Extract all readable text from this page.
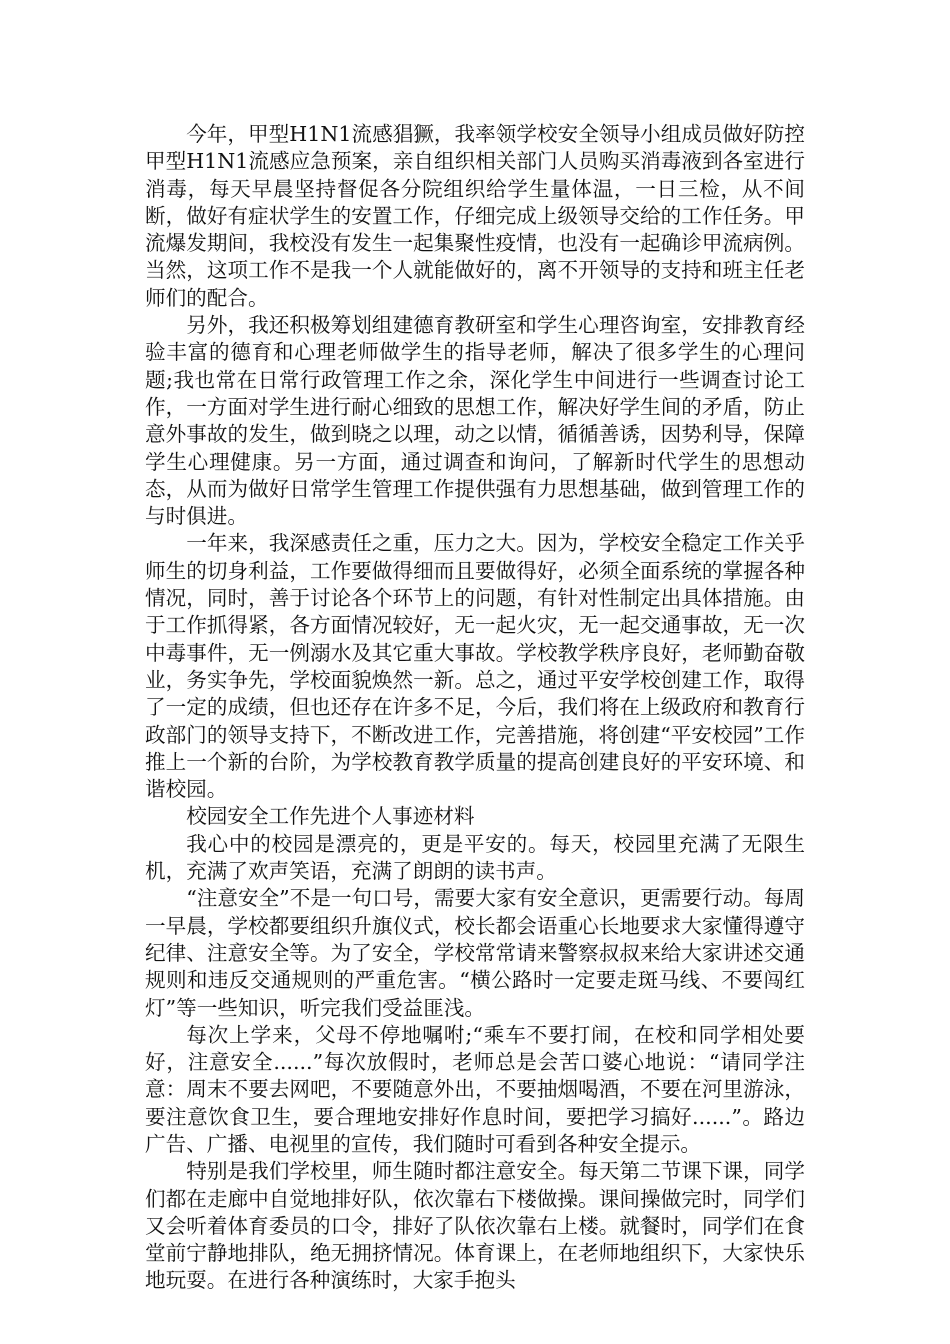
今年，甲型H1N1流感猖獗，我率领学校安全领导小组成员做好防控甲型H1N1流感应急预案，亲自组织相关部门人员购买消毒液到各室进行消毒，每天早晨坚持督促各分院组织给学生量体温，一日三检，从不间断，做好有症状学生的安置工作，仔细完成上级领导交给的工作任务。甲流爆发期间，我校没有发生一起集聚性疫情，也没有一起确诊甲流病例。当然，这项工作不是我一个人就能做好的，离不开领导的支持和班主任老师们的配合。

另外，我还积极筹划组建德育教研室和学生心理咨询室，安排教育经验丰富的德育和心理老师做学生的指导老师，解决了很多学生的心理问题;我也常在日常行政管理工作之余，深化学生中间进行一些调查讨论工作，一方面对学生进行耐心细致的思想工作，解决好学生间的矛盾，防止意外事故的发生，做到晓之以理，动之以情，循循善诱，因势利导，保障学生心理健康。另一方面，通过调查和询问，了解新时代学生的思想动态，从而为做好日常学生管理工作提供强有力思想基础，做到管理工作的与时俱进。

一年来，我深感责任之重，压力之大。因为，学校安全稳定工作关乎师生的切身利益，工作要做得细而且要做得好，必须全面系统的掌握各种情况，同时，善于讨论各个环节上的问题，有针对性制定出具体措施。由于工作抓得紧，各方面情况较好，无一起火灾，无一起交通事故，无一次中毒事件，无一例溺水及其它重大事故。学校教学秩序良好，老师勤奋敬业，务实争先，学校面貌焕然一新。总之，通过平安学校创建工作，取得了一定的成绩，但也还存在许多不足，今后，我们将在上级政府和教育行政部门的领导支持下，不断改进工作，完善措施，将创建“平安校园”工作推上一个新的台阶，为学校教育教学质量的提高创建良好的平安环境、和谐校园。

校园安全工作先进个人事迹材料

我心中的校园是漂亮的，更是平安的。每天，校园里充满了无限生机，充满了欢声笑语，充满了朗朗的读书声。

“注意安全”不是一句口号，需要大家有安全意识，更需要行动。每周一早晨，学校都要组织升旗仪式，校长都会语重心长地要求大家懂得遵守纪律、注意安全等。为了安全，学校常常请来警察叔叔来给大家讲述交通规则和违反交通规则的严重危害。“横公路时一定要走斑马线、不要闯红灯”等一些知识，听完我们受益匪浅。

每次上学来，父母不停地嘱咐;“乘车不要打闹，在校和同学相处要好，注意安全......”每次放假时，老师总是会苦口婆心地说：“请同学注意：周末不要去网吧，不要随意外出，不要抽烟喝酒，不要在河里游泳，要注意饮食卫生，要合理地安排好作息时间，要把学习搞好......”。路边广告、广播、电视里的宣传，我们随时可看到各种安全提示。

特别是我们学校里，师生随时都注意安全。每天第二节课下课，同学们都在走廊中自觉地排好队，依次靠右下楼做操。课间操做完时，同学们又会听着体育委员的口令，排好了队依次靠右上楼。就餐时，同学们在食堂前宁静地排队，绝无拥挤情况。体育课上，在老师地组织下，大家快乐地玩耍。在进行各种演练时，大家手抱头
